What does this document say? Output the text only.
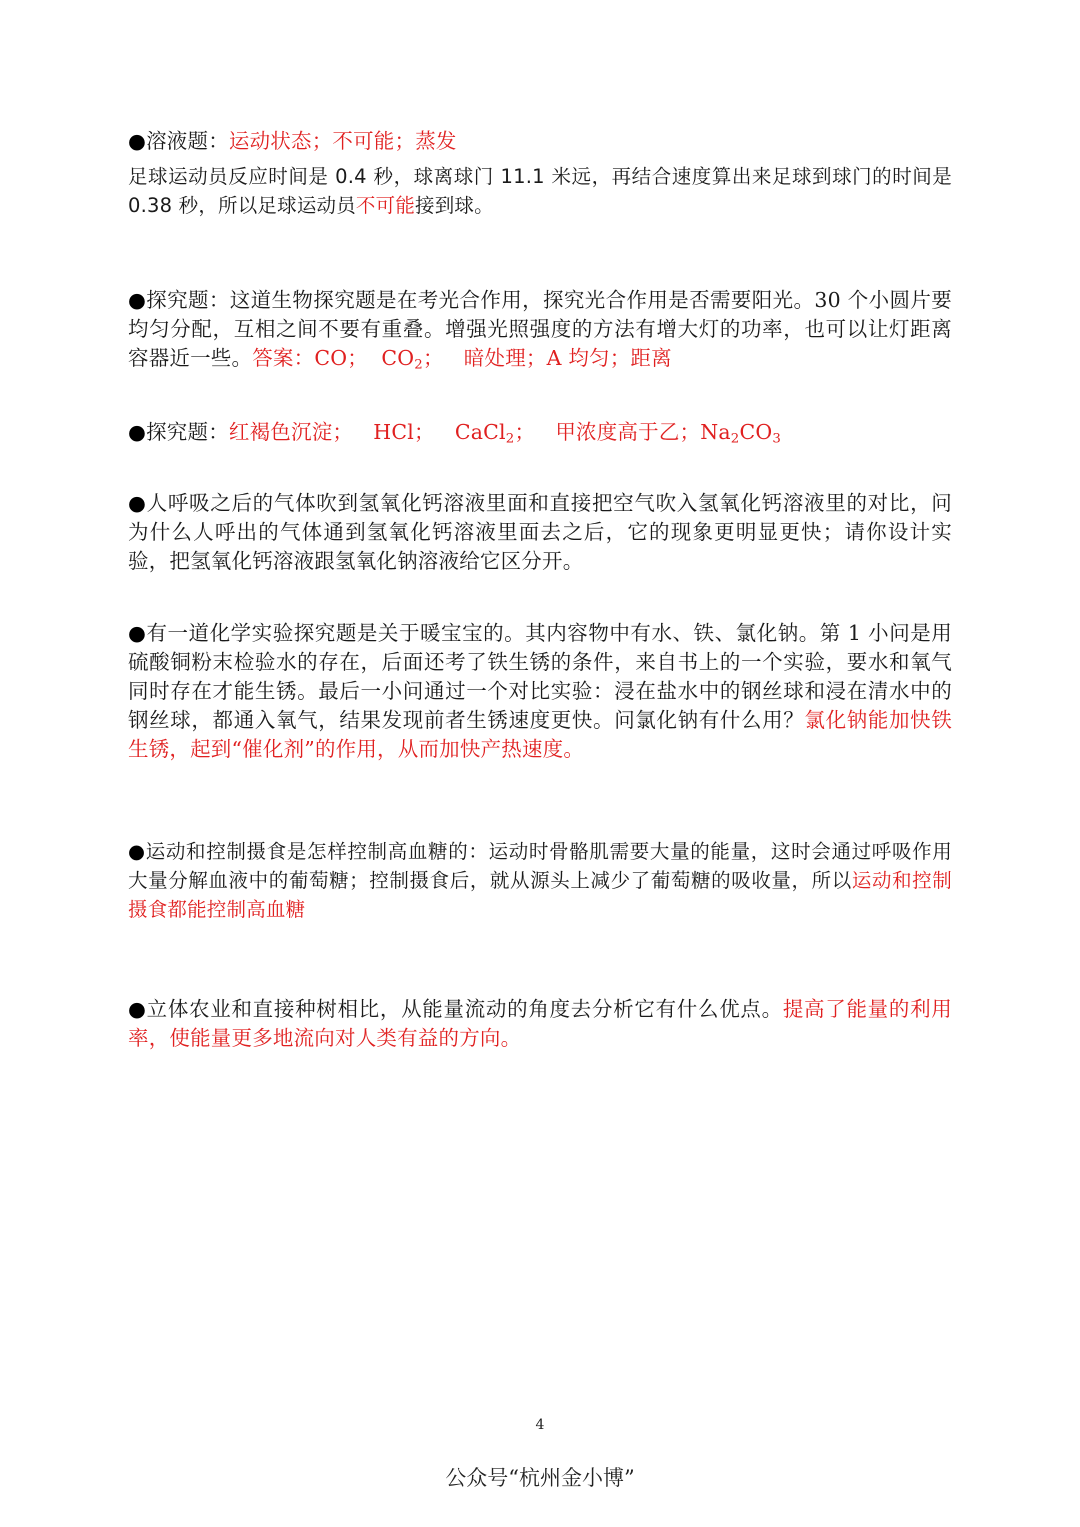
●溶液题：运动状态；不可能；蒸发

足球运动员反应时间是 0.4 秒，球离球门 11.1 米远，再结合速度算出来足球到球门的时间是 0.38 秒，所以足球运动员不可能接到球。

●探究题：这道生物探究题是在考光合作用，探究光合作用是否需要阳光。30 个小圆片要均匀分配，互相之间不要有重叠。增强光照强度的方法有增大灯的功率，也可以让灯距离容器近一些。答案：CO；  $CO_2$；   暗处理；A 均匀；距离

●探究题：红褐色沉淀； HCl； CaCl$_2$； 甲浓度高于乙；$Na_2CO_3$

●人呼吸之后的气体吹到氢氧化钙溶液里面和直接把空气吹入氢氧化钙溶液里的对比，问为什么人呼出的气体通到氢氧化钙溶液里面去之后，它的现象更明显更快；请你设计实验，把氢氧化钙溶液跟氢氧化钠溶液给它区分开。

●有一道化学实验探究题是关于暖宝宝的。其内容物中有水、铁、氯化钠。第 1 小问是用硫酸铜粉末检验水的存在，后面还考了铁生锈的条件，来自书上的一个实验，要水和氧气同时存在才能生锈。最后一小问通过一个对比实验：浸在盐水中的钢丝球和浸在清水中的钢丝球，都通入氧气，结果发现前者生锈速度更快。问氯化钠有什么用？氯化钠能加快铁生锈，起到“催化剂”的作用，从而加快产热速度。

●运动和控制摄食是怎样控制高血糖的：运动时骨骼肌需要大量的能量，这时会通过呼吸作用大量分解血液中的葡萄糖；控制摄食后，就从源头上减少了葡萄糖的吸收量，所以运动和控制摄食都能控制高血糖

●立体农业和直接种树相比，从能量流动的角度去分析它有什么优点。提高了能量的利用率，使能量更多地流向对人类有益的方向。

4
公众号“杭州金小博”
